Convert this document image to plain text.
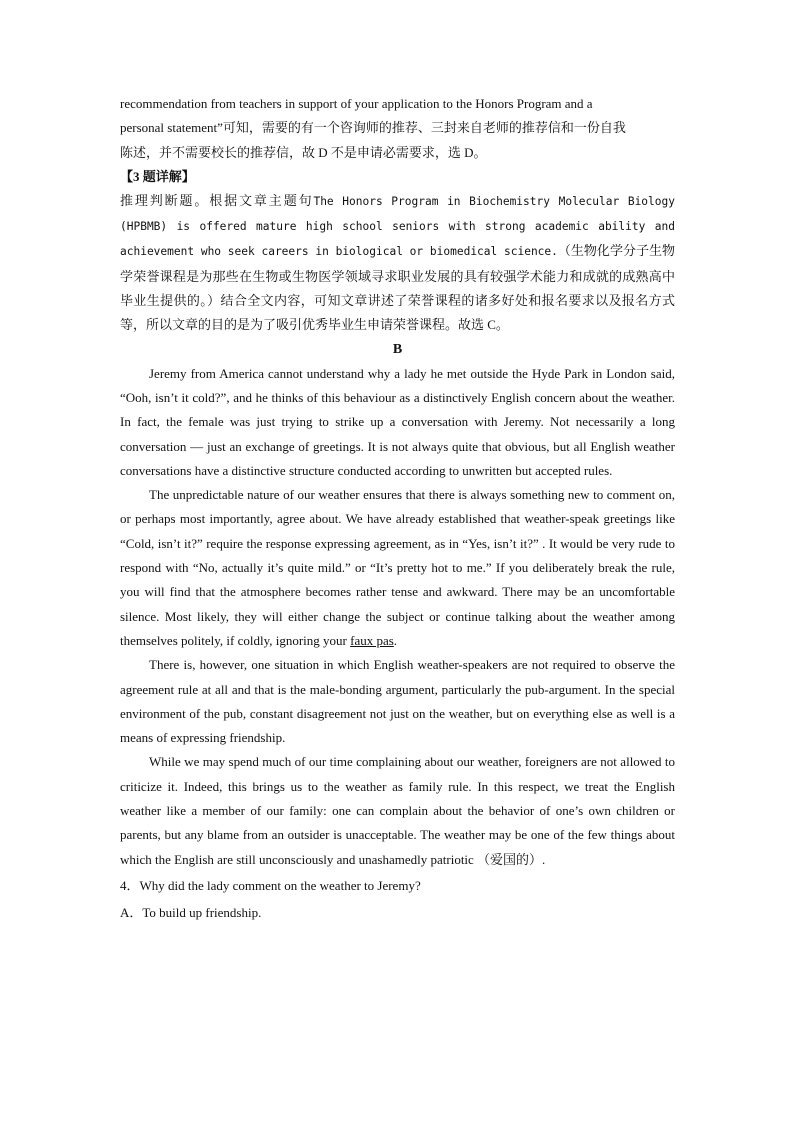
recommendation from teachers in support of your application to the Honors Program and a
personal statement”可知，需要的有一个咨询师的推荐、三封来自老师的推荐信和一份自我
陈述，并不需要校长的推荐信，故 D 不是申请必需要求，选 D。

【3 题详解】

推理判断题。根据文章主题句The Honors Program in Biochemistry Molecular Biology (HPBMB) is offered mature high school seniors with strong academic ability and achievement who seek careers in biological or biomedical science.（生物化学分子生物学荣誉课程是为那些在生物或生物医学领域寻求职业发展的具有较强学术能力和成就的成熟高中毕业生提供的。）结合全文内容，可知文章讲述了荣誉课程的诸多好处和报名要求以及报名方式等，所以文章的目的是为了吸引优秀毕业生申请荣誉课程。故选 C。

B

Jeremy from America cannot understand why a lady he met outside the Hyde Park in London said, “Ooh, isn’t it cold?”, and he thinks of this behaviour as a distinctively English concern about the weather. In fact, the female was just trying to strike up a conversation with Jeremy. Not necessarily a long conversation — just an exchange of greetings. It is not always quite that obvious, but all English weather conversations have a distinctive structure conducted according to unwritten but accepted rules.

The unpredictable nature of our weather ensures that there is always something new to comment on, or perhaps most importantly, agree about. We have already established that weather-speak greetings like “Cold, isn’t it?” require the response expressing agreement, as in “Yes, isn’t it?” . It would be very rude to respond with “No, actually it’s quite mild.” or “It’s pretty hot to me.” If you deliberately break the rule, you will find that the atmosphere becomes rather tense and awkward. There may be an uncomfortable silence. Most likely, they will either change the subject or continue talking about the weather among themselves politely, if coldly, ignoring your faux pas.

There is, however, one situation in which English weather-speakers are not required to observe the agreement rule at all and that is the male-bonding argument, particularly the pub-argument. In the special environment of the pub, constant disagreement not just on the weather, but on everything else as well is a means of expressing friendship.

While we may spend much of our time complaining about our weather, foreigners are not allowed to criticize it. Indeed, this brings us to the weather as family rule. In this respect, we treat the English weather like a member of our family: one can complain about the behavior of one’s own children or parents, but any blame from an outsider is unacceptable. The weather may be one of the few things about which the English are still unconsciously and unashamedly patriotic （爱国的）.

4．Why did the lady comment on the weather to Jeremy?

A．To build up friendship.
